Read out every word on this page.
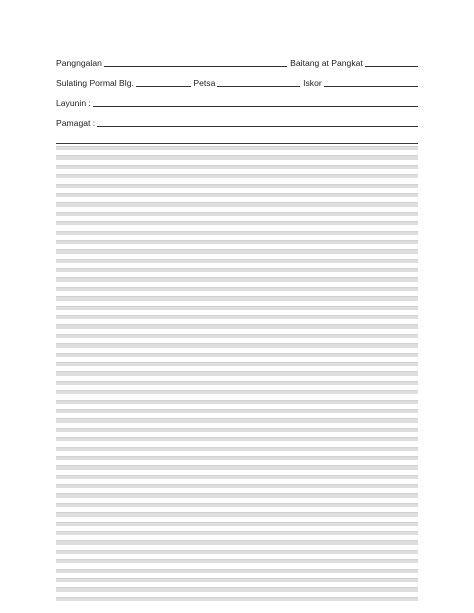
Pangngalan	Baitang at Pangkat
Sulating Pormal Blg.	Petsa	Iskor
Layunin :
Pamagat :
